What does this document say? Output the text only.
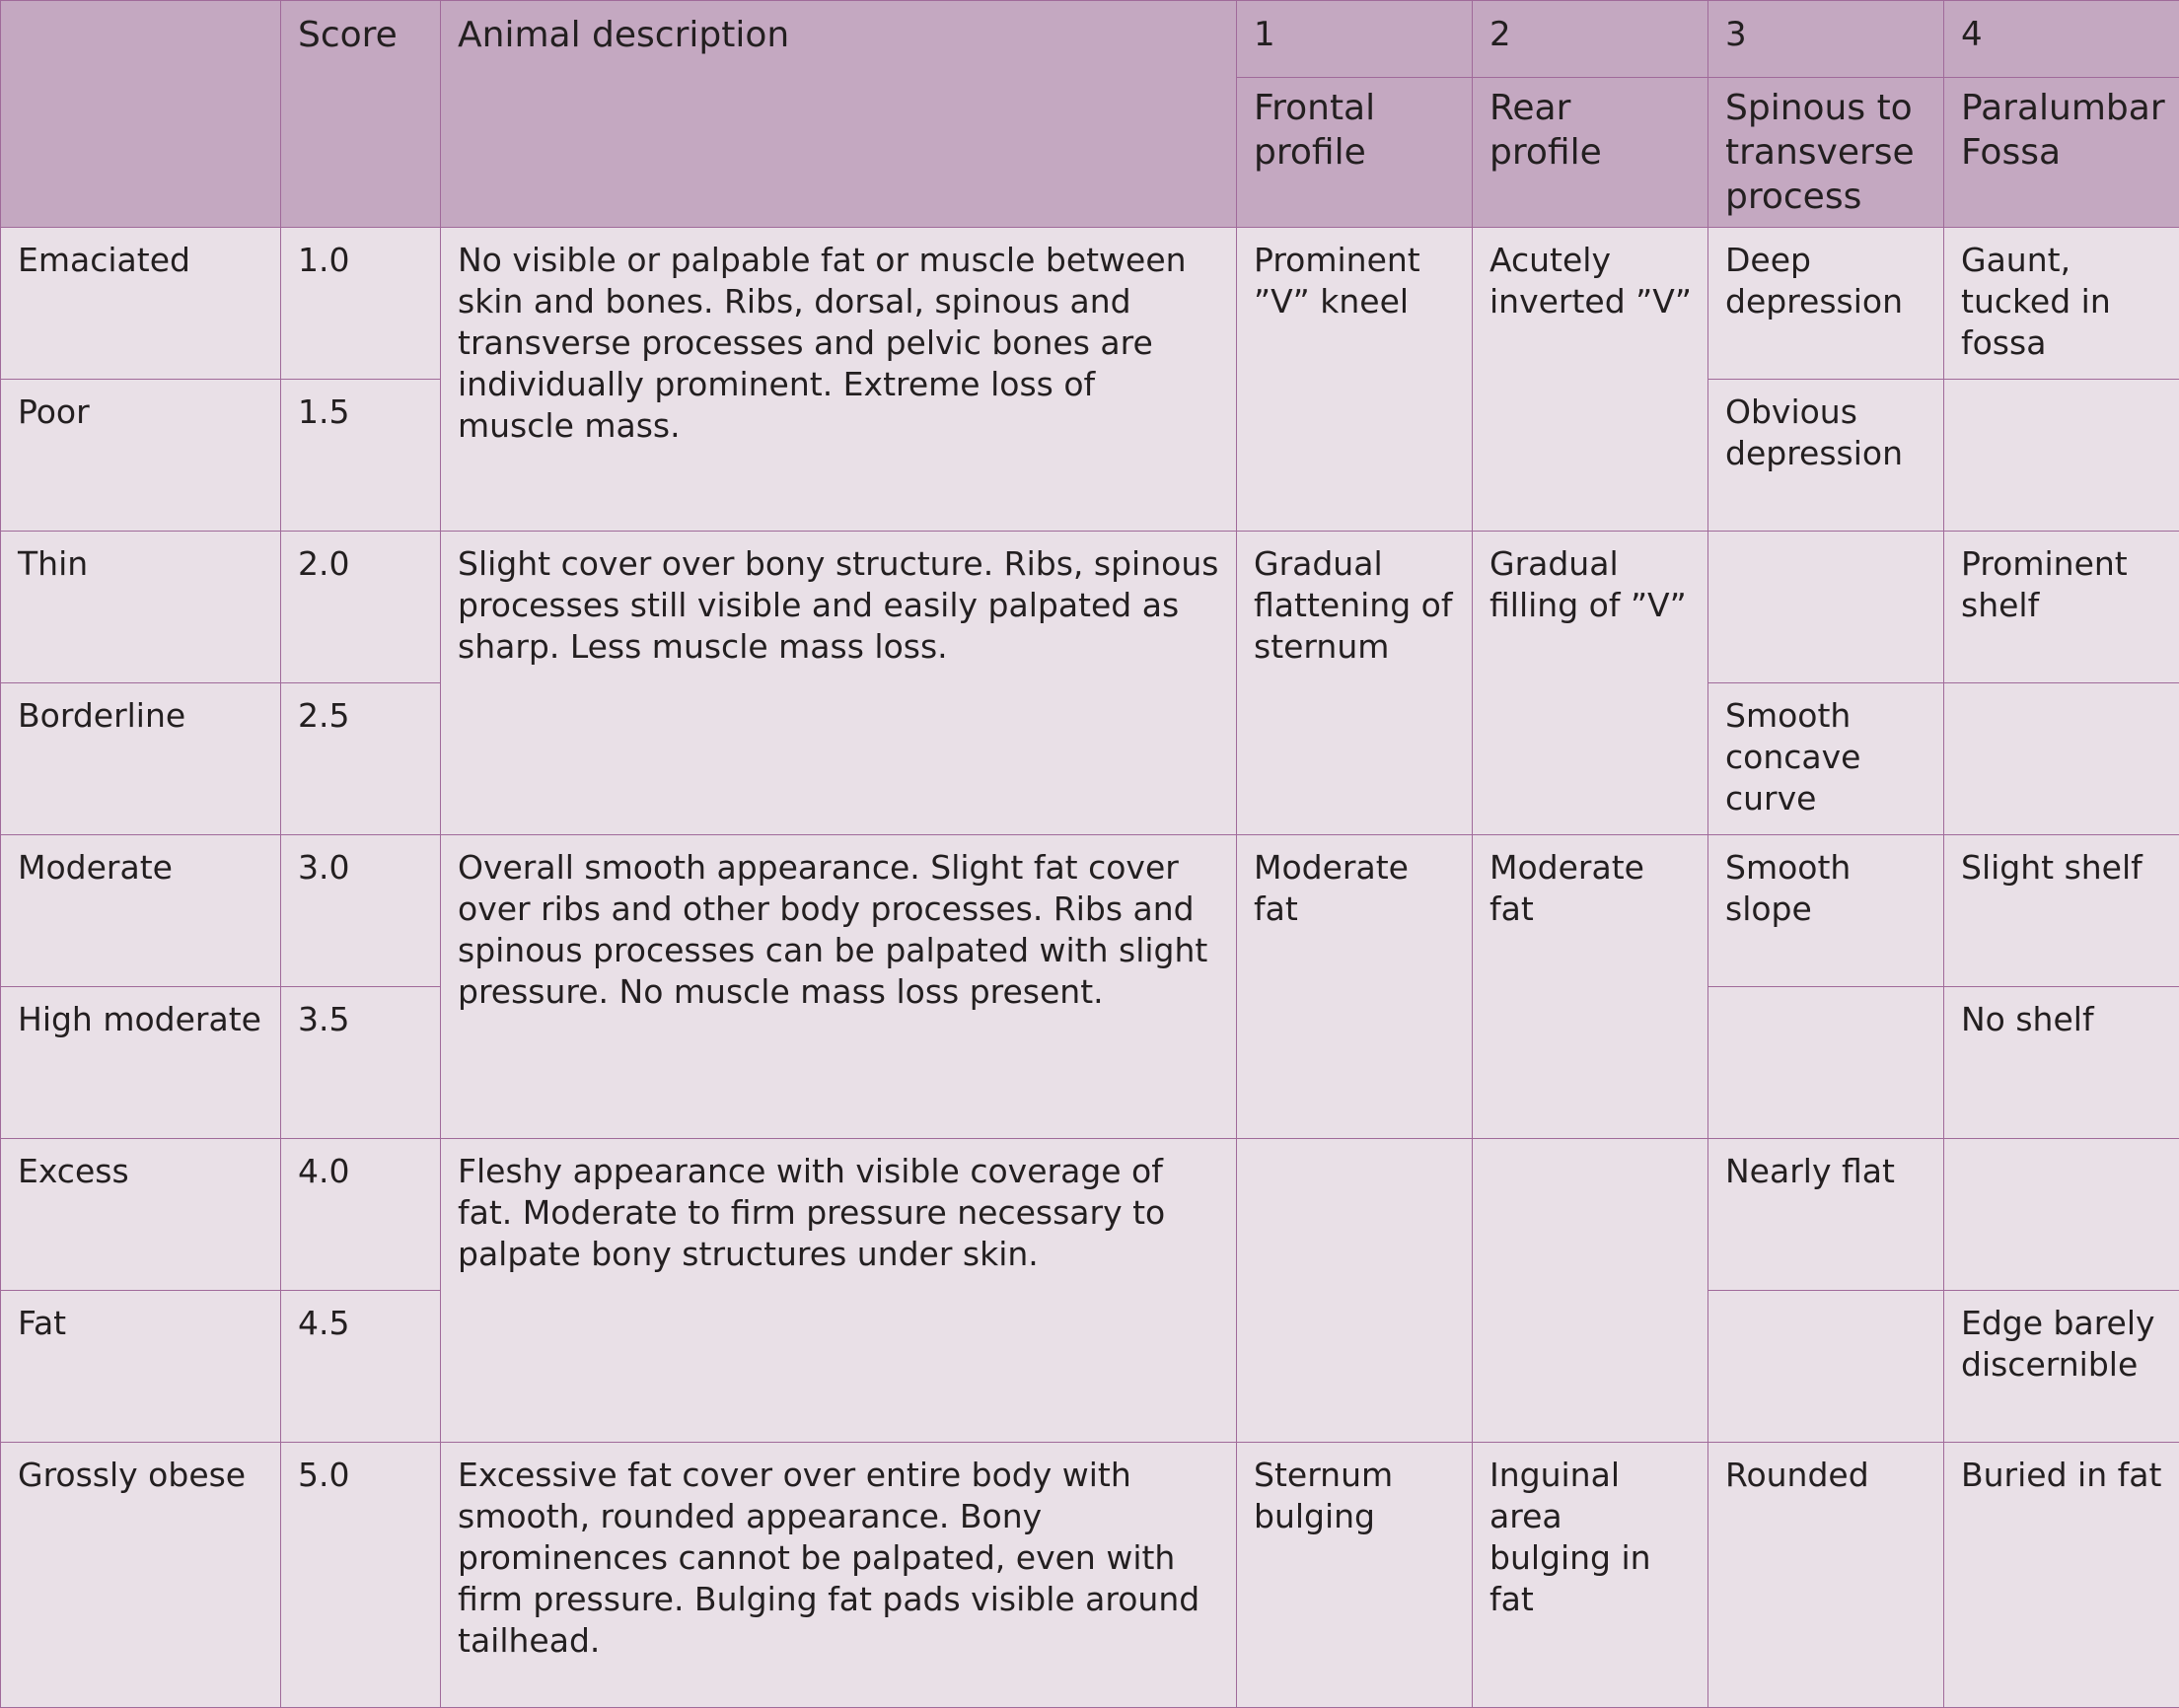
	Score	Animal description	1	2	3	4
			Frontal profile	Rear profile	Spinous to transverse process	Paralumbar Fossa
Emaciated	1.0	No visible or palpable fat or muscle between skin and bones. Ribs, dorsal, spinous and transverse processes and pelvic bones are individually prominent. Extreme loss of muscle mass.	Prominent ”V” kneel	Acutely inverted ”V”	Deep depression	Gaunt, tucked in fossa
Poor	1.5				Obvious depression	
Thin	2.0	Slight cover over bony structure. Ribs, spinous processes still visible and easily palpated as sharp. Less muscle mass loss.	Gradual flattening of sternum	Gradual filling of ”V”		Prominent shelf
Borderline	2.5				Smooth concave curve	
Moderate	3.0	Overall smooth appearance. Slight fat cover over ribs and other body processes. Ribs and spinous processes can be palpated with slight pressure. No muscle mass loss present.	Moderate fat	Moderate fat	Smooth slope	Slight shelf
High moderate	3.5					No shelf
Excess	4.0	Fleshy appearance with visible coverage of fat. Moderate to firm pressure necessary to palpate bony structures under skin.			Nearly flat	
Fat	4.5					Edge barely discernible
Grossly obese	5.0	Excessive fat cover over entire body with smooth, rounded appearance. Bony prominences cannot be palpated, even with firm pressure. Bulging fat pads visible around tailhead.	Sternum bulging	Inguinal area bulging in fat	Rounded	Buried in fat
